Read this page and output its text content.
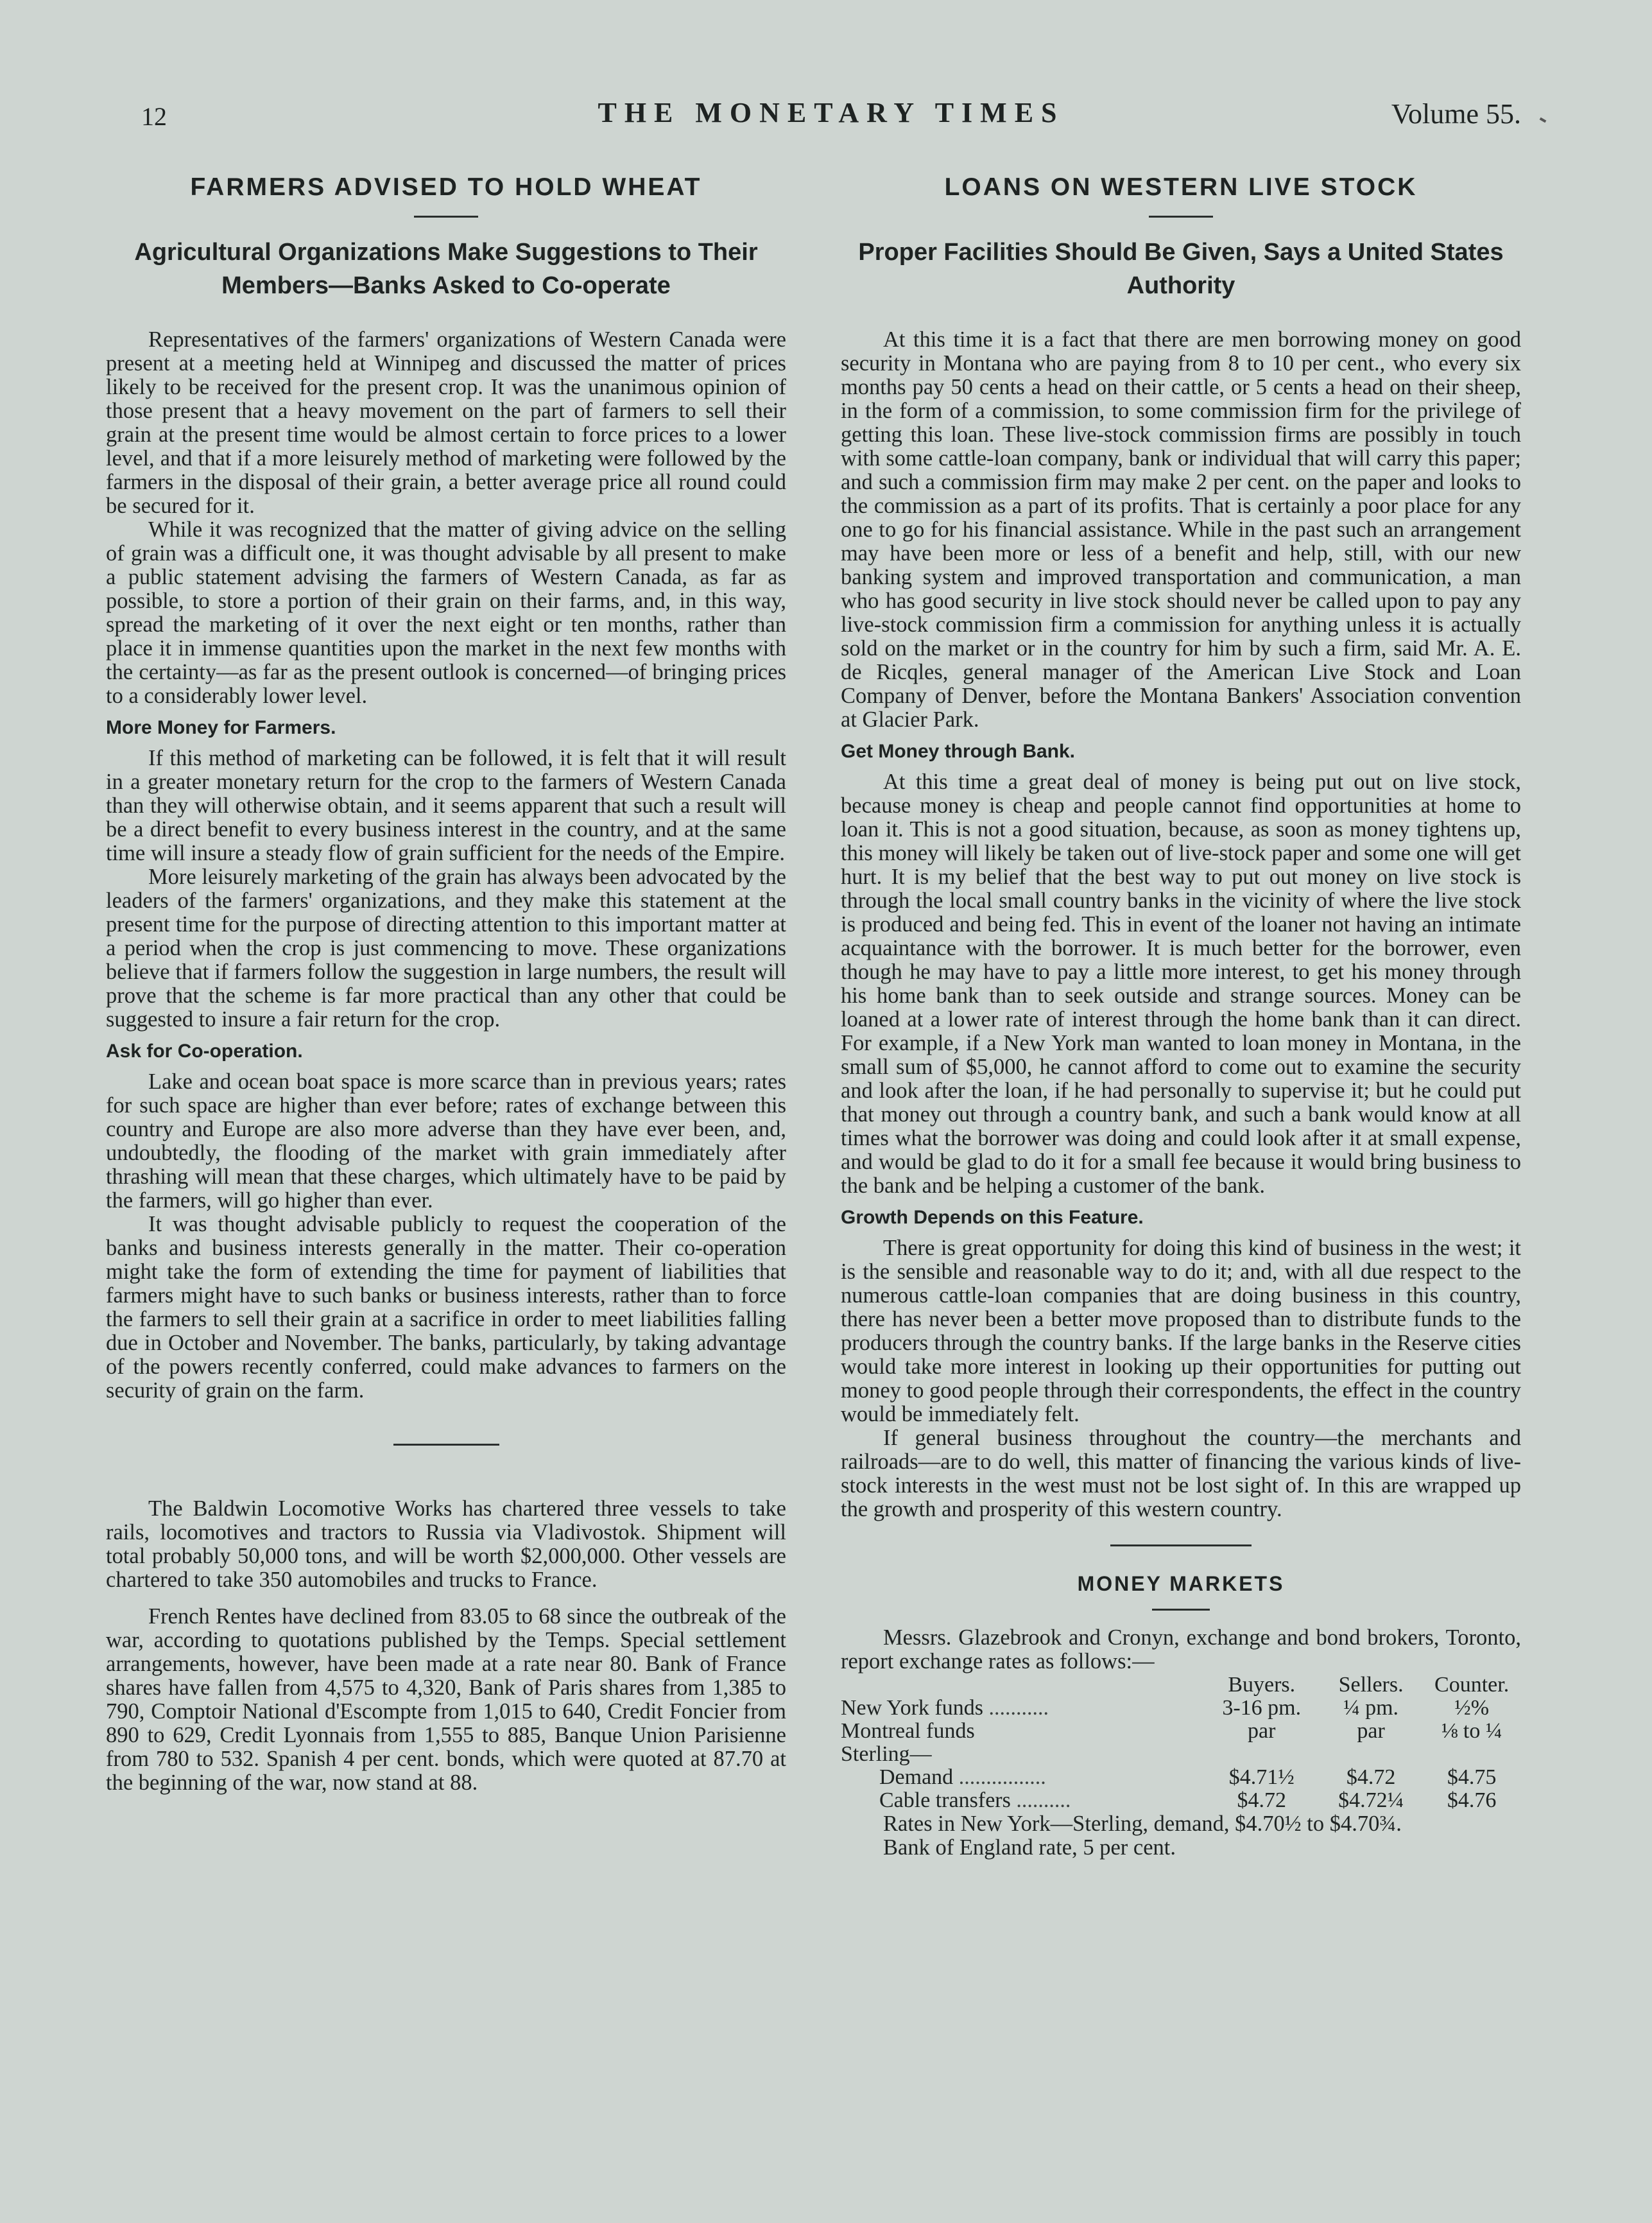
12	THE MONETARY TIMES	Volume 55.
FARMERS ADVISED TO HOLD WHEAT
Agricultural Organizations Make Suggestions to Their Members—Banks Asked to Co-operate

Representatives of the farmers' organizations of Western Canada were present at a meeting held at Winnipeg and discussed the matter of prices likely to be received for the present crop. It was the unanimous opinion of those present that a heavy movement on the part of farmers to sell their grain at the present time would be almost certain to force prices to a lower level, and that if a more leisurely method of marketing were followed by the farmers in the disposal of their grain, a better average price all round could be secured for it.

While it was recognized that the matter of giving advice on the selling of grain was a difficult one, it was thought advisable by all present to make a public statement advising the farmers of Western Canada, as far as possible, to store a portion of their grain on their farms, and, in this way, spread the marketing of it over the next eight or ten months, rather than place it in immense quantities upon the market in the next few months with the certainty—as far as the present outlook is concerned—of bringing prices to a considerably lower level.

More Money for Farmers.

If this method of marketing can be followed, it is felt that it will result in a greater monetary return for the crop to the farmers of Western Canada than they will otherwise obtain, and it seems apparent that such a result will be a direct benefit to every business interest in the country, and at the same time will insure a steady flow of grain sufficient for the needs of the Empire.

More leisurely marketing of the grain has always been advocated by the leaders of the farmers' organizations, and they make this statement at the present time for the purpose of directing attention to this important matter at a period when the crop is just commencing to move. These organizations believe that if farmers follow the suggestion in large numbers, the result will prove that the scheme is far more practical than any other that could be suggested to insure a fair return for the crop.

Ask for Co-operation.

Lake and ocean boat space is more scarce than in previous years; rates for such space are higher than ever before; rates of exchange between this country and Europe are also more adverse than they have ever been, and, undoubtedly, the flooding of the market with grain immediately after thrashing will mean that these charges, which ultimately have to be paid by the farmers, will go higher than ever.

It was thought advisable publicly to request the cooperation of the banks and business interests generally in the matter. Their co-operation might take the form of extending the time for payment of liabilities that farmers might have to such banks or business interests, rather than to force the farmers to sell their grain at a sacrifice in order to meet liabilities falling due in October and November. The banks, particularly, by taking advantage of the powers recently conferred, could make advances to farmers on the security of grain on the farm.

The Baldwin Locomotive Works has chartered three vessels to take rails, locomotives and tractors to Russia via Vladivostok. Shipment will total probably 50,000 tons, and will be worth $2,000,000. Other vessels are chartered to take 350 automobiles and trucks to France.

French Rentes have declined from 83.05 to 68 since the outbreak of the war, according to quotations published by the Temps. Special settlement arrangements, however, have been made at a rate near 80. Bank of France shares have fallen from 4,575 to 4,320, Bank of Paris shares from 1,385 to 790, Comptoir National d'Escompte from 1,015 to 640, Credit Foncier from 890 to 629, Credit Lyonnais from 1,555 to 885, Banque Union Parisienne from 780 to 532. Spanish 4 per cent. bonds, which were quoted at 87.70 at the beginning of the war, now stand at 88.

LOANS ON WESTERN LIVE STOCK
Proper Facilities Should Be Given, Says a United States Authority

At this time it is a fact that there are men borrowing money on good security in Montana who are paying from 8 to 10 per cent., who every six months pay 50 cents a head on their cattle, or 5 cents a head on their sheep, in the form of a commission, to some commission firm for the privilege of getting this loan. These live-stock commission firms are possibly in touch with some cattle-loan company, bank or individual that will carry this paper; and such a commission firm may make 2 per cent. on the paper and looks to the commission as a part of its profits. That is certainly a poor place for any one to go for his financial assistance. While in the past such an arrangement may have been more or less of a benefit and help, still, with our new banking system and improved transportation and communication, a man who has good security in live stock should never be called upon to pay any live-stock commission firm a commission for anything unless it is actually sold on the market or in the country for him by such a firm, said Mr. A. E. de Ricqles, general manager of the American Live Stock and Loan Company of Denver, before the Montana Bankers' Association convention at Glacier Park.

Get Money through Bank.

At this time a great deal of money is being put out on live stock, because money is cheap and people cannot find opportunities at home to loan it. This is not a good situation, because, as soon as money tightens up, this money will likely be taken out of live-stock paper and some one will get hurt. It is my belief that the best way to put out money on live stock is through the local small country banks in the vicinity of where the live stock is produced and being fed. This in event of the loaner not having an intimate acquaintance with the borrower. It is much better for the borrower, even though he may have to pay a little more interest, to get his money through his home bank than to seek outside and strange sources. Money can be loaned at a lower rate of interest through the home bank than it can direct. For example, if a New York man wanted to loan money in Montana, in the small sum of $5,000, he cannot afford to come out to examine the security and look after the loan, if he had personally to supervise it; but he could put that money out through a country bank, and such a bank would know at all times what the borrower was doing and could look after it at small expense, and would be glad to do it for a small fee because it would bring business to the bank and be helping a customer of the bank.

Growth Depends on this Feature.

There is great opportunity for doing this kind of business in the west; it is the sensible and reasonable way to do it; and, with all due respect to the numerous cattle-loan companies that are doing business in this country, there has never been a better move proposed than to distribute funds to the producers through the country banks. If the large banks in the Reserve cities would take more interest in looking up their opportunities for putting out money to good people through their correspondents, the effect in the country would be immediately felt.

If general business throughout the country—the merchants and railroads—are to do well, this matter of financing the various kinds of live-stock interests in the west must not be lost sight of. In this are wrapped up the growth and prosperity of this western country.

MONEY MARKETS

Messrs. Glazebrook and Cronyn, exchange and bond brokers, Toronto, report exchange rates as follows:—

	Buyers.	Sellers.	Counter.
New York funds ...........	3-16 pm.	¼ pm.	½%
Montreal funds	par	par	⅛ to ¼
Sterling—			
Demand ................	$4.71½	$4.72	$4.75
Cable transfers ..........	$4.72	$4.72¼	$4.76

Rates in New York—Sterling, demand, $4.70½ to $4.70¾.

Bank of England rate, 5 per cent.
